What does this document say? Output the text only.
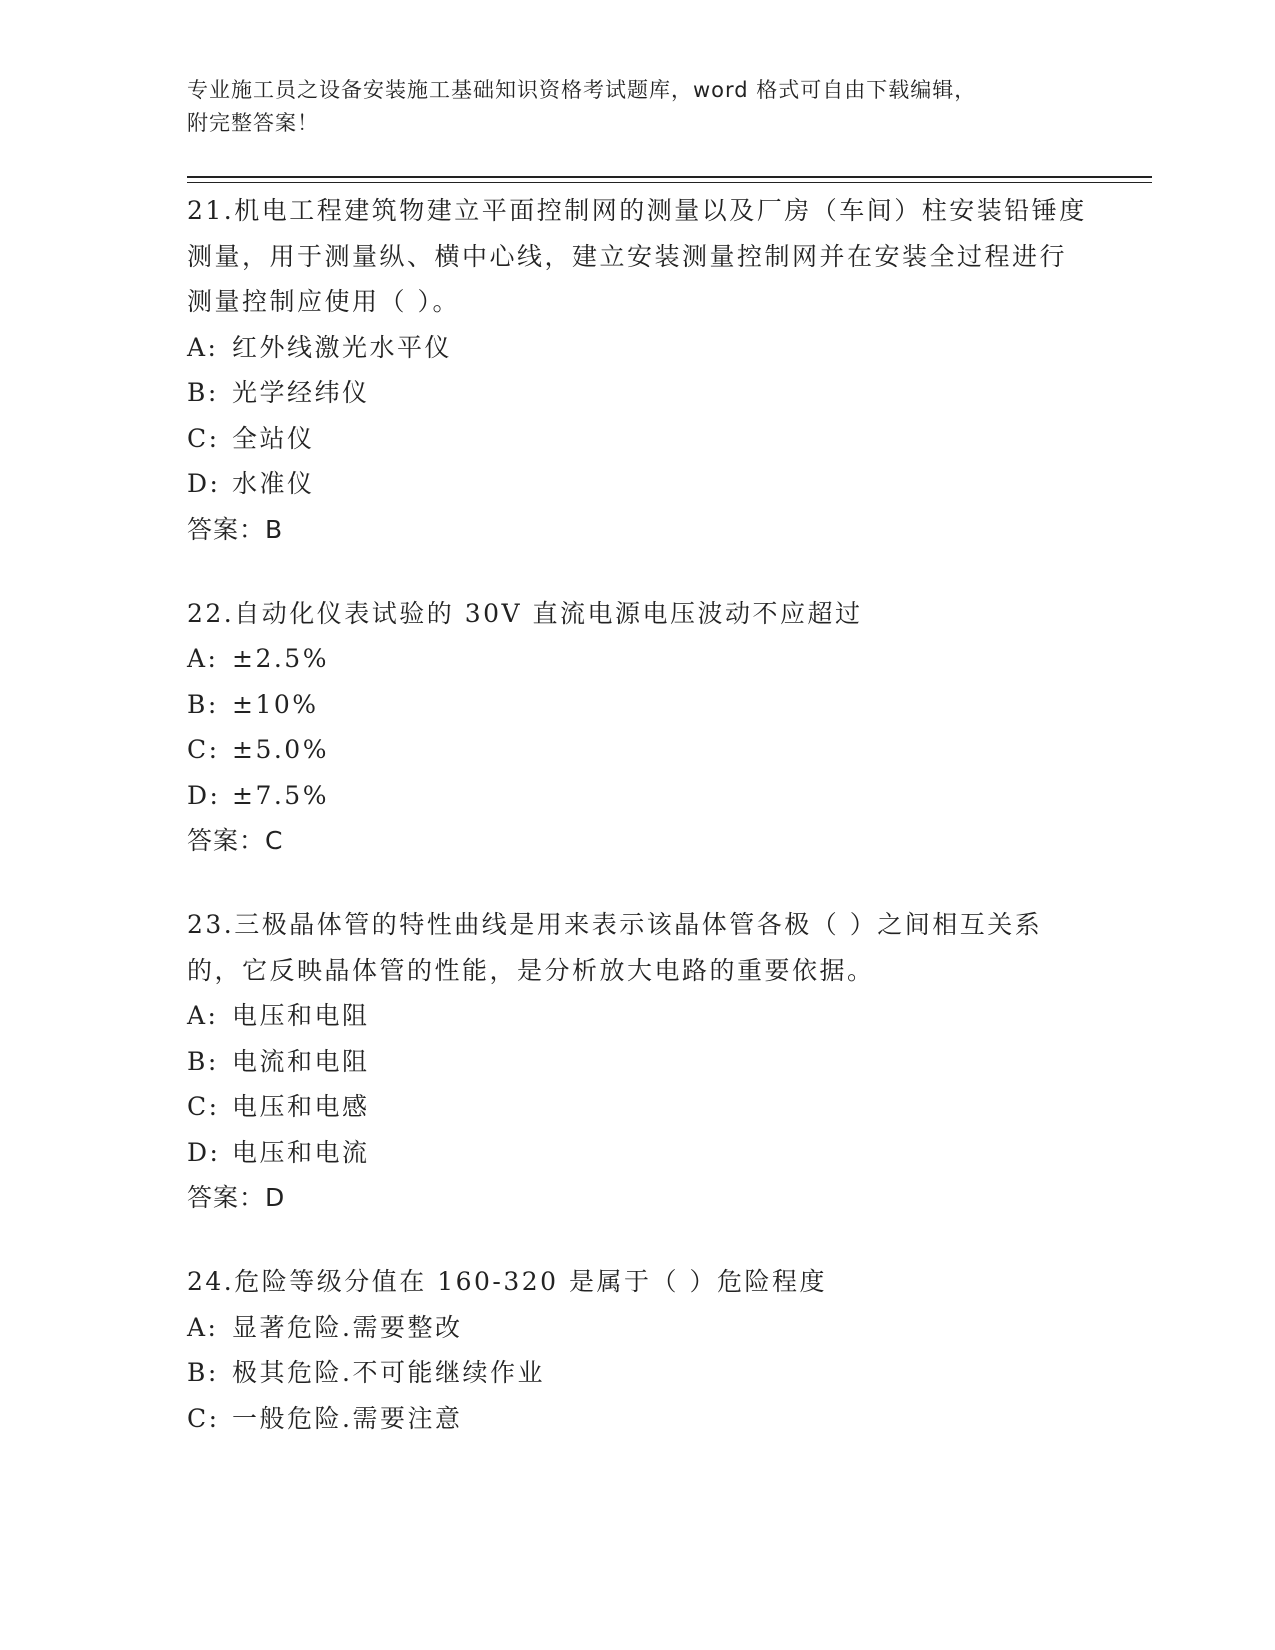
专业施工员之设备安装施工基础知识资格考试题库，word 格式可自由下载编辑，
附完整答案！

21.机电工程建筑物建立平面控制网的测量以及厂房（车间）柱安装铅锤度测量，用于测量纵、横中心线，建立安装测量控制网并在安装全过程进行测量控制应使用（ ）。

A: 红外线激光水平仪
B: 光学经纬仪
C: 全站仪
D: 水准仪
答案：B

22.自动化仪表试验的 30V 直流电源电压波动不应超过

A: ±2.5%
B: ±10%
C: ±5.0%
D: ±7.5%
答案：C

23.三极晶体管的特性曲线是用来表示该晶体管各极（ ）之间相互关系的，它反映晶体管的性能，是分析放大电路的重要依据。

A: 电压和电阻
B: 电流和电阻
C: 电压和电感
D: 电压和电流
答案：D

24.危险等级分值在 160-320 是属于（ ）危险程度

A: 显著危险.需要整改
B: 极其危险.不可能继续作业
C: 一般危险.需要注意
